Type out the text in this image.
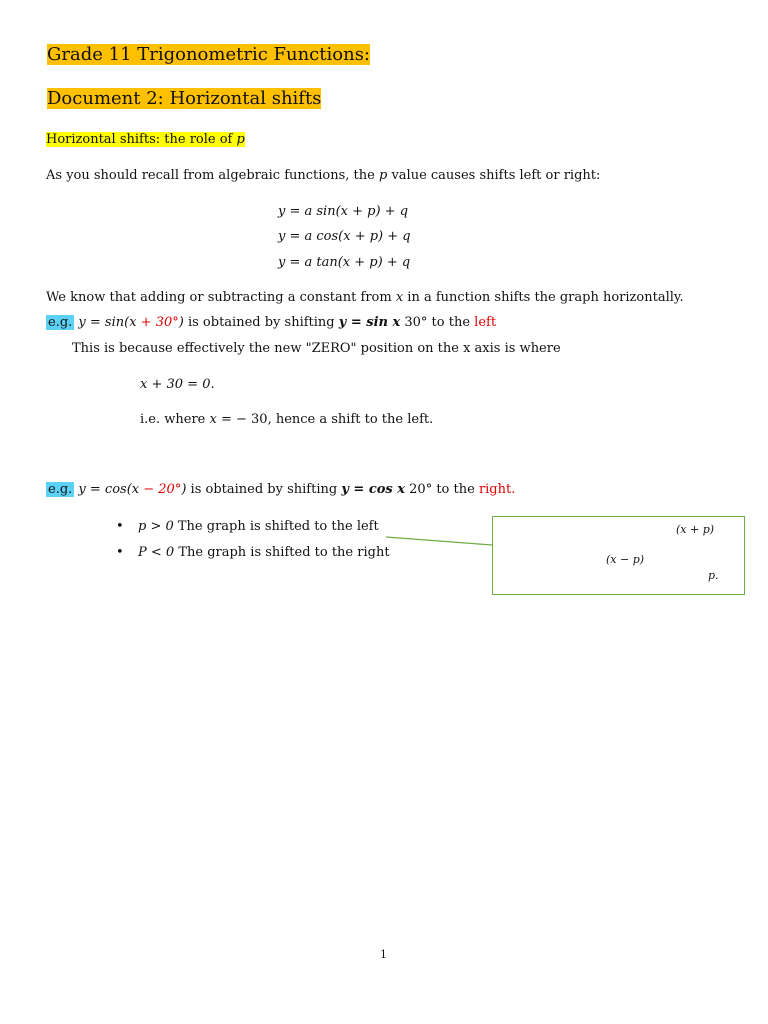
Grade 11 Trigonometric Functions:
Document 2: Horizontal shifts
Horizontal shifts: the role of p
As you should recall from algebraic functions, the p value causes shifts left or right:
y = a sin(x + p) + q
y = a cos(x + p) + q
y = a tan(x + p) + q
We know that adding or subtracting a constant from x in a function shifts the graph horizontally.
e.g. y = sin(x + 30°) is obtained by shifting y = sin x 30° to the left
This is because effectively the new "ZERO" position on the x axis is where
x + 30 = 0.
i.e. where x = − 30, hence a shift to the left.
e.g. y = cos(x − 20°) is obtained by shifting y = cos x 20° to the right.
• p > 0 The graph is shifted to the left
• P < 0 The graph is shifted to the right
(x + p)
(x − p)
p.
1
